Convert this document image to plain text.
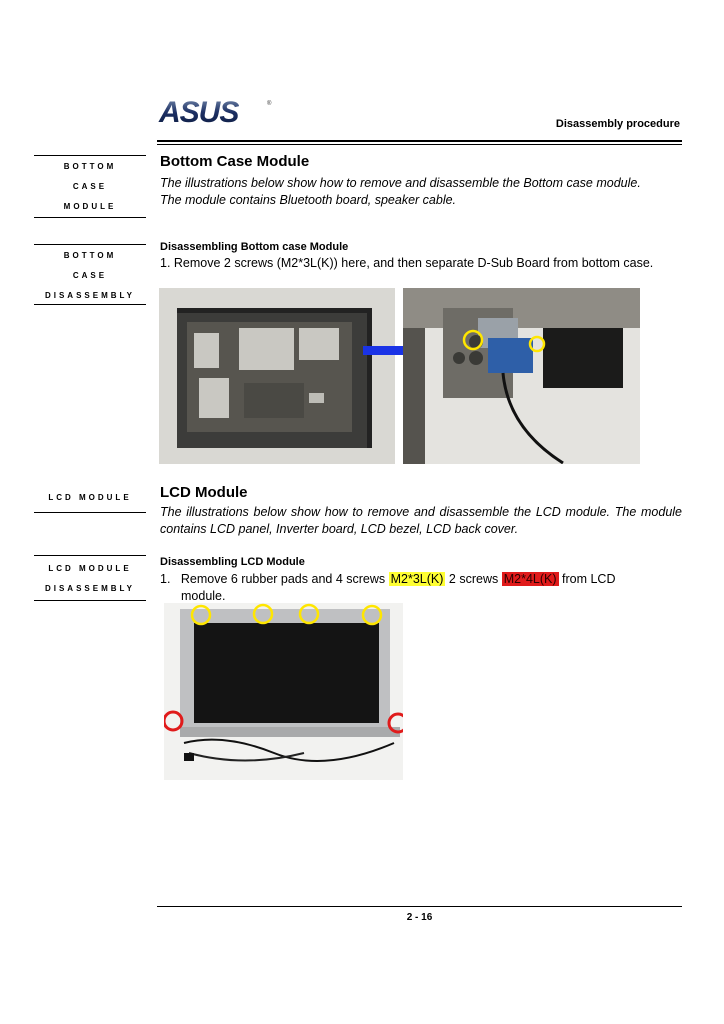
ASUS	®
Disassembly procedure
BOTTOM
CASE
MODULE
BOTTOM
CASE
DISASSEMBLY
Bottom Case Module
The illustrations below show how to remove and disassemble the Bottom case module.
The module contains Bluetooth board, speaker cable.
Disassembling Bottom case Module
1. Remove 2 screws (M2*3L(K)) here, and then separate D-Sub Board from bottom case.
LCD MODULE
LCD MODULE
DISASSEMBLY
LCD Module
The illustrations below show how to remove and disassemble the LCD module. The module contains LCD panel, Inverter board, LCD bezel, LCD back cover.
Disassembling LCD Module
1. Remove 6 rubber pads and 4 screws M2*3L(K) 2 screws M2*4L(K) from LCD
module.
2 - 16
